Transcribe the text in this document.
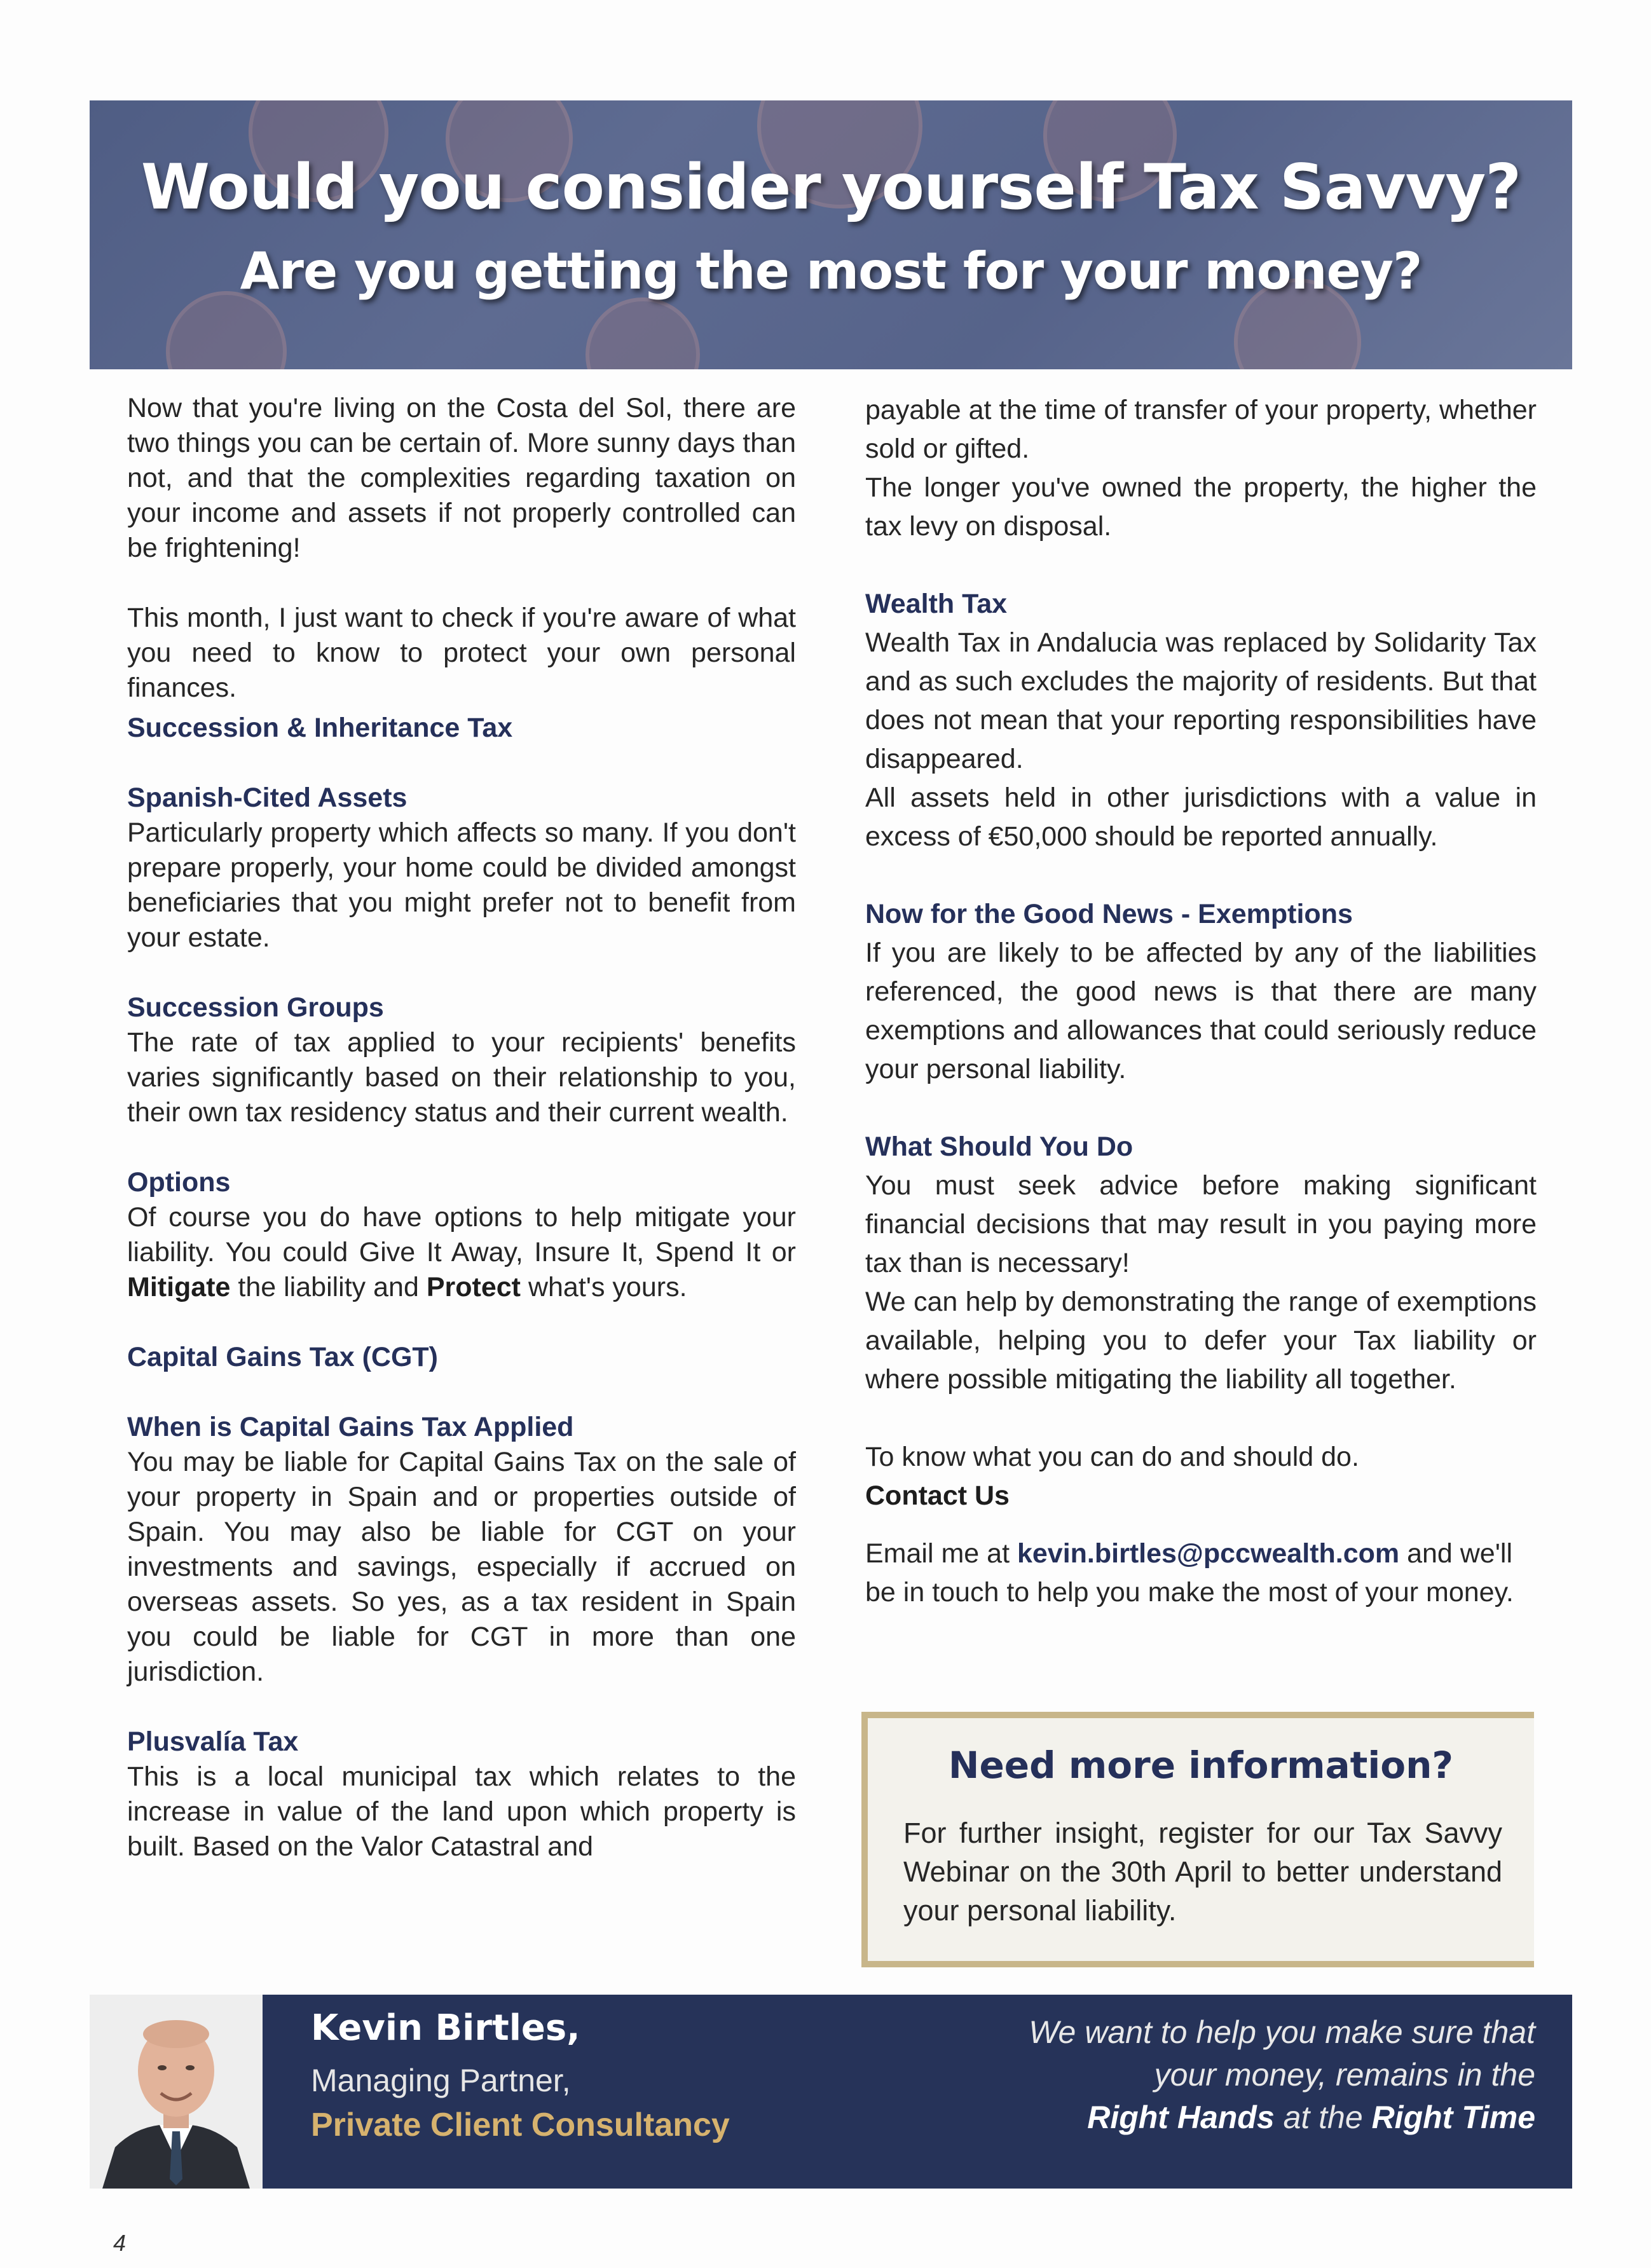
Would you consider yourself Tax Savvy?
Are you getting the most for your money?

Now that you're living on the Costa del Sol, there are two things you can be certain of. More sunny days than not, and that the complexities regarding taxation on your income and assets if not properly controlled can be frightening!

This month, I just want to check if you're aware of what you need to know to protect your own personal finances.

Succession & Inheritance Tax
Spanish-Cited Assets

Particularly property which affects so many. If you don't prepare properly, your home could be divided amongst beneficiaries that you might prefer not to benefit from your estate.

Succession Groups

The rate of tax applied to your recipients' benefits varies significantly based on their relationship to you, their own tax residency status and their current wealth.

Options

Of course you do have options to help mitigate your liability. You could Give It Away, Insure It, Spend It or Mitigate the liability and Protect what's yours.

Capital Gains Tax (CGT)
When is Capital Gains Tax Applied

You may be liable for Capital Gains Tax on the sale of your property in Spain and or properties outside of Spain. You may also be liable for CGT on your investments and savings, especially if accrued on overseas assets. So yes, as a tax resident in Spain you could be liable for CGT in more than one jurisdiction.

Plusvalía Tax

This is a local municipal tax which relates to the increase in value of the land upon which property is built. Based on the Valor Catastral and

payable at the time of transfer of your property, whether sold or gifted.

The longer you've owned the property, the higher the tax levy on disposal.

Wealth Tax

Wealth Tax in Andalucia was replaced by Solidarity Tax and as such excludes the majority of residents. But that does not mean that your reporting responsibilities have disappeared.

All assets held in other jurisdictions with a value in excess of €50,000 should be reported annually.

Now for the Good News - Exemptions

If you are likely to be affected by any of the liabilities referenced, the good news is that there are many exemptions and allowances that could seriously reduce your personal liability.

What Should You Do

You must seek advice before making significant financial decisions that may result in you paying more tax than is necessary!

We can help by demonstrating the range of exemptions available, helping you to defer your Tax liability or where possible mitigating the liability all together.

To know what you can do and should do.

Contact Us

Email me at kevin.birtles@pccwealth.com and we'll be in touch to help you make the most of your money.

Need more information?

For further insight, register for our Tax Savvy Webinar on the 30th April to better understand your personal liability.

Kevin Birtles,
Managing Partner,
Private Client Consultancy
We want to help you make sure that your money, remains in the
Right Hands at the Right Time
4
